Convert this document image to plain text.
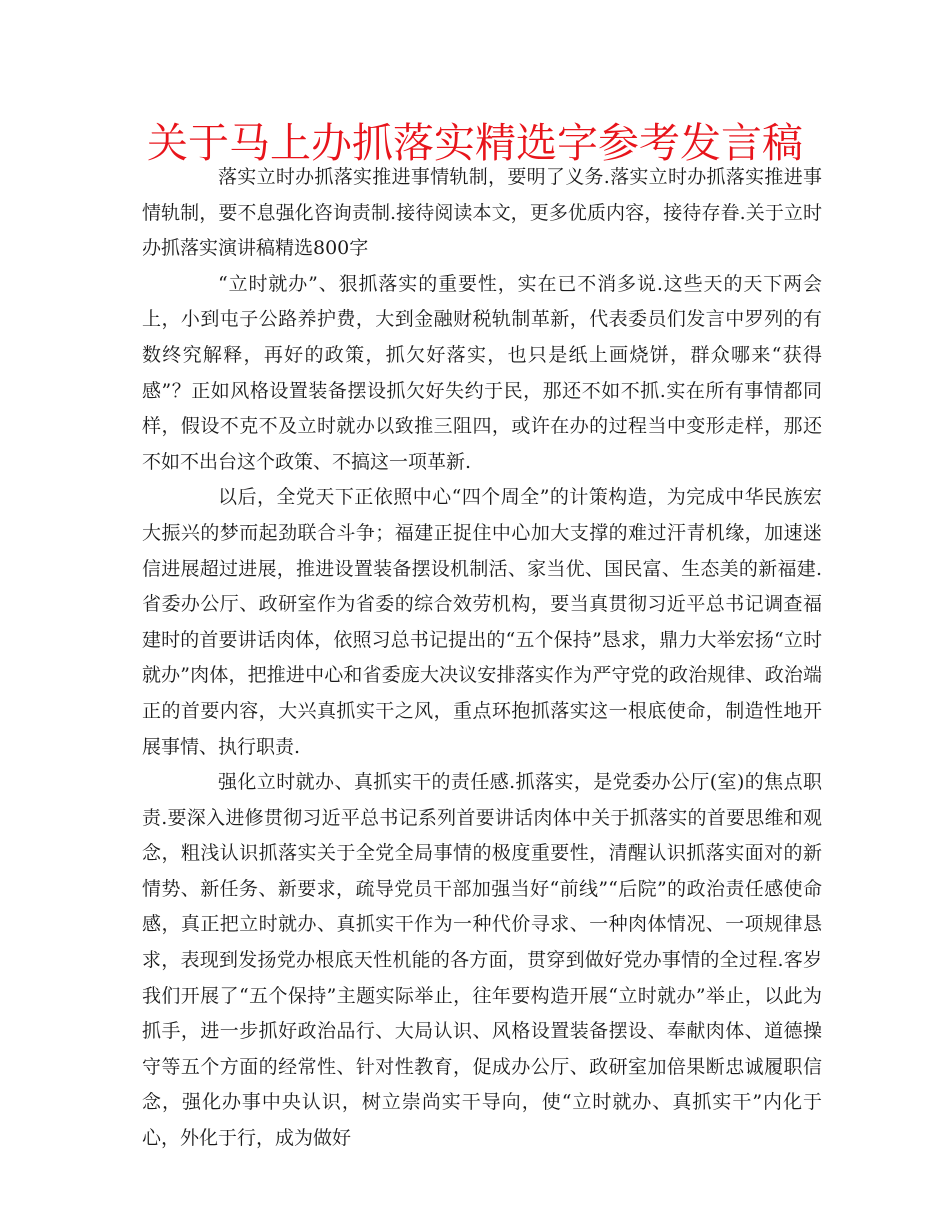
关于马上办抓落实精选字参考发言稿

落实立时办抓落实推进事情轨制，要明了义务.落实立时办抓落实推进事情轨制，要不息强化咨询责制.接待阅读本文，更多优质内容，接待存眷.关于立时办抓落实演讲稿精选800字

“立时就办”、狠抓落实的重要性，实在已不消多说.这些天的天下两会上，小到屯子公路养护费，大到金融财税轨制革新，代表委员们发言中罗列的有数终究解释，再好的政策，抓欠好落实，也只是纸上画烧饼，群众哪来“获得感”？正如风格设置装备摆设抓欠好失约于民，那还不如不抓.实在所有事情都同样，假设不克不及立时就办以致推三阻四，或许在办的过程当中变形走样，那还不如不出台这个政策、不搞这一项革新.

以后，全党天下正依照中心“四个周全”的计策构造，为完成中华民族宏大振兴的梦而起劲联合斗争；福建正捉住中心加大支撑的难过汗青机缘，加速迷信进展超过进展，推进设置装备摆设机制活、家当优、国民富、生态美的新福建.省委办公厅、政研室作为省委的综合效劳机构，要当真贯彻习近平总书记调查福建时的首要讲话肉体，依照习总书记提出的“五个保持”恳求，鼎力大举宏扬“立时就办”肉体，把推进中心和省委庞大决议安排落实作为严守党的政治规律、政治端正的首要内容，大兴真抓实干之风，重点环抱抓落实这一根底使命，制造性地开展事情、执行职责.

强化立时就办、真抓实干的责任感.抓落实，是党委办公厅(室)的焦点职责.要深入进修贯彻习近平总书记系列首要讲话肉体中关于抓落实的首要思维和观念，粗浅认识抓落实关于全党全局事情的极度重要性，清醒认识抓落实面对的新情势、新任务、新要求，疏导党员干部加强当好“前线”“后院”的政治责任感使命感，真正把立时就办、真抓实干作为一种代价寻求、一种肉体情况、一项规律恳求，表现到发扬党办根底天性机能的各方面，贯穿到做好党办事情的全过程.客岁我们开展了“五个保持”主题实际举止，往年要构造开展“立时就办”举止，以此为抓手，进一步抓好政治品行、大局认识、风格设置装备摆设、奉献肉体、道德操守等五个方面的经常性、针对性教育，促成办公厅、政研室加倍果断忠诚履职信念，强化办事中央认识，树立崇尚实干导向，使“立时就办、真抓实干”内化于心，外化于行，成为做好
